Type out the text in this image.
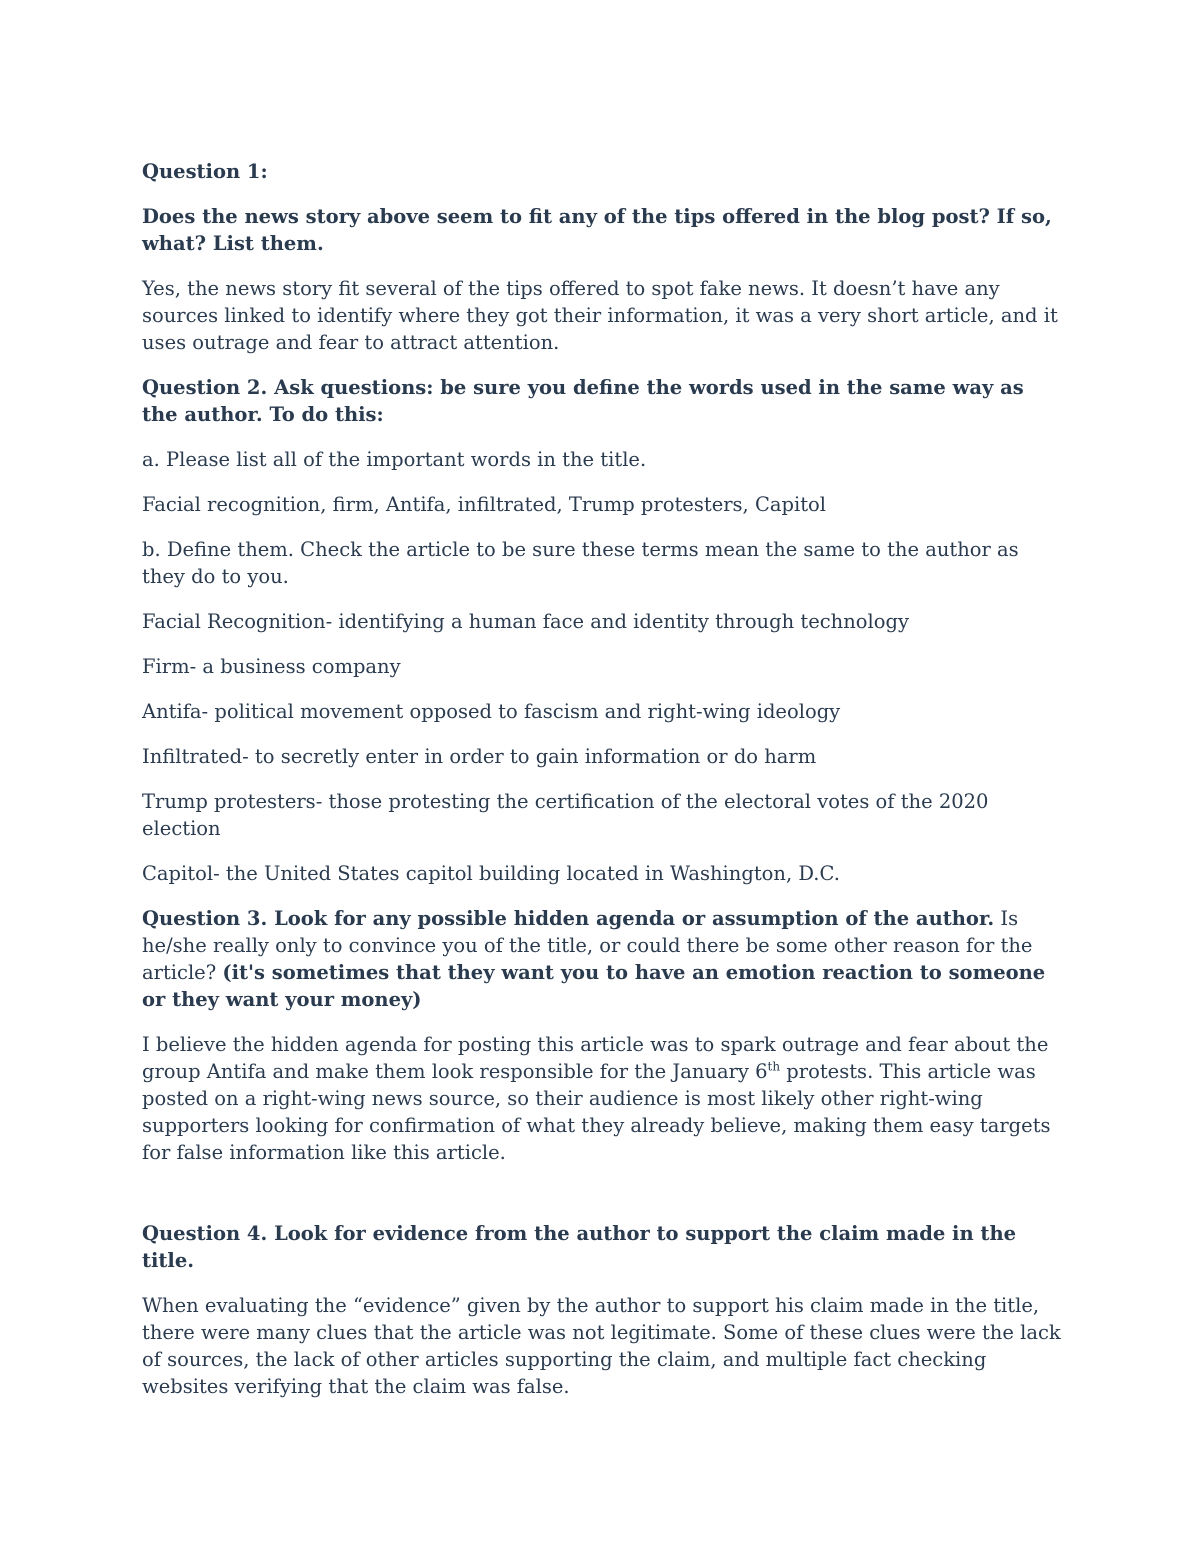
Question 1:

Does the news story above seem to fit any of the tips offered in the blog post? If so, what? List them.

Yes, the news story fit several of the tips offered to spot fake news. It doesn’t have any sources linked to identify where they got their information, it was a very short article, and it uses outrage and fear to attract attention.

Question 2. Ask questions: be sure you define the words used in the same way as the author. To do this:

a. Please list all of the important words in the title.

Facial recognition, firm, Antifa, infiltrated, Trump protesters, Capitol

b. Define them. Check the article to be sure these terms mean the same to the author as they do to you.

Facial Recognition- identifying a human face and identity through technology

Firm- a business company

Antifa- political movement opposed to fascism and right-wing ideology

Infiltrated- to secretly enter in order to gain information or do harm

Trump protesters- those protesting the certification of the electoral votes of the 2020 election

Capitol- the United States capitol building located in Washington, D.C.

Question 3. Look for any possible hidden agenda or assumption of the author. Is he/she really only to convince you of the title, or could there be some other reason for the article? (it's sometimes that they want you to have an emotion reaction to someone or they want your money)

I believe the hidden agenda for posting this article was to spark outrage and fear about the group Antifa and make them look responsible for the January 6th protests. This article was posted on a right-wing news source, so their audience is most likely other right-wing supporters looking for confirmation of what they already believe, making them easy targets for false information like this article.

Question 4. Look for evidence from the author to support the claim made in the title.

When evaluating the “evidence” given by the author to support his claim made in the title, there were many clues that the article was not legitimate. Some of these clues were the lack of sources, the lack of other articles supporting the claim, and multiple fact checking websites verifying that the claim was false.
